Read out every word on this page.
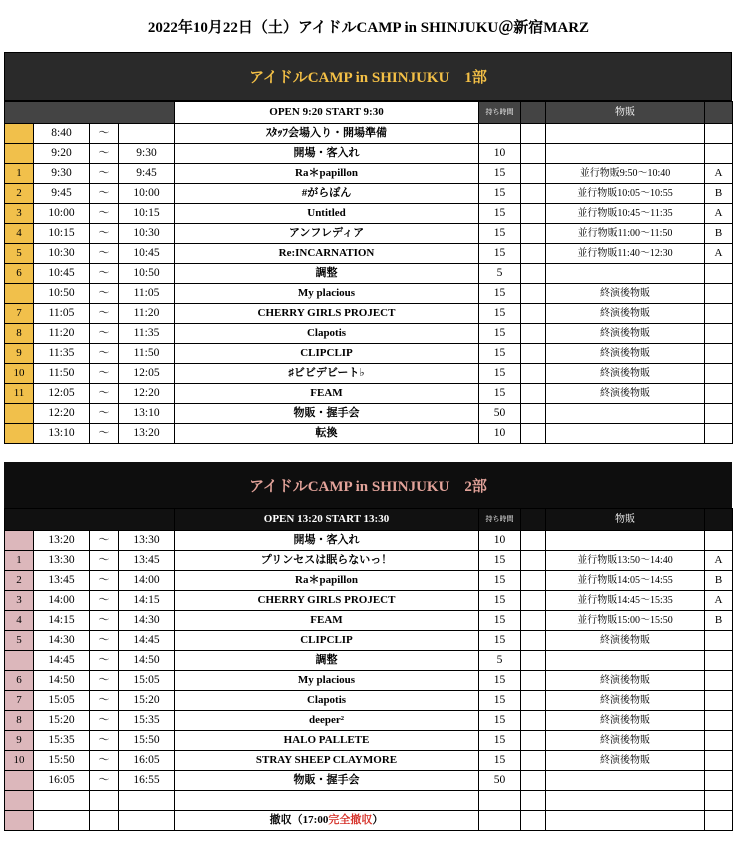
2022年10月22日（土）アイドルCAMP in SHINJUKU＠新宿MARZ
アイドルCAMP in SHINJUKU　1部
				OPEN 9:20 START 9:30	持ち時間		物販	
	8:40	～		ｽﾀｯﾌ会場入り・開場準備				
	9:20	～	9:30	開場・客入れ	10			
1	9:30	～	9:45	Ra＊papillon	15		並行物販9:50～10:40	A
2	9:45	～	10:00	#がらぽん	15		並行物販10:05～10:55	B
3	10:00	～	10:15	Untitled	15		並行物販10:45～11:35	A
4	10:15	～	10:30	アンフレディア	15		並行物販11:00～11:50	B
5	10:30	～	10:45	Re:INCARNATION	15		並行物販11:40～12:30	A
6	10:45	～	10:50	調整	5			
	10:50	～	11:05	My placious	15		終演後物販	
7	11:05	～	11:20	CHERRY GIRLS PROJECT	15		終演後物販	
8	11:20	～	11:35	Clapotis	15		終演後物販	
9	11:35	～	11:50	CLIPCLIP	15		終演後物販	
10	11:50	～	12:05	♯ビビデビート♭	15		終演後物販	
11	12:05	～	12:20	FEAM	15		終演後物販	
	12:20	～	13:10	物販・握手会	50			
	13:10	～	13:20	転換	10			
アイドルCAMP in SHINJUKU　2部
				OPEN 13:20 START 13:30	持ち時間		物販	
	13:20	～	13:30	開場・客入れ	10			
1	13:30	～	13:45	プリンセスは眠らないっ！	15		並行物販13:50～14:40	A
2	13:45	～	14:00	Ra＊papillon	15		並行物販14:05～14:55	B
3	14:00	～	14:15	CHERRY GIRLS PROJECT	15		並行物販14:45～15:35	A
4	14:15	～	14:30	FEAM	15		並行物販15:00～15:50	B
5	14:30	～	14:45	CLIPCLIP	15		終演後物販	
	14:45	～	14:50	調整	5			
6	14:50	～	15:05	My placious	15		終演後物販	
7	15:05	～	15:20	Clapotis	15		終演後物販	
8	15:20	～	15:35	deeper²	15		終演後物販	
9	15:35	～	15:50	HALO PALLETE	15		終演後物販	
10	15:50	～	16:05	STRAY SHEEP CLAYMORE	15		終演後物販	
	16:05	～	16:55	物販・握手会	50			

				撤収（17:00完全撤収）				
